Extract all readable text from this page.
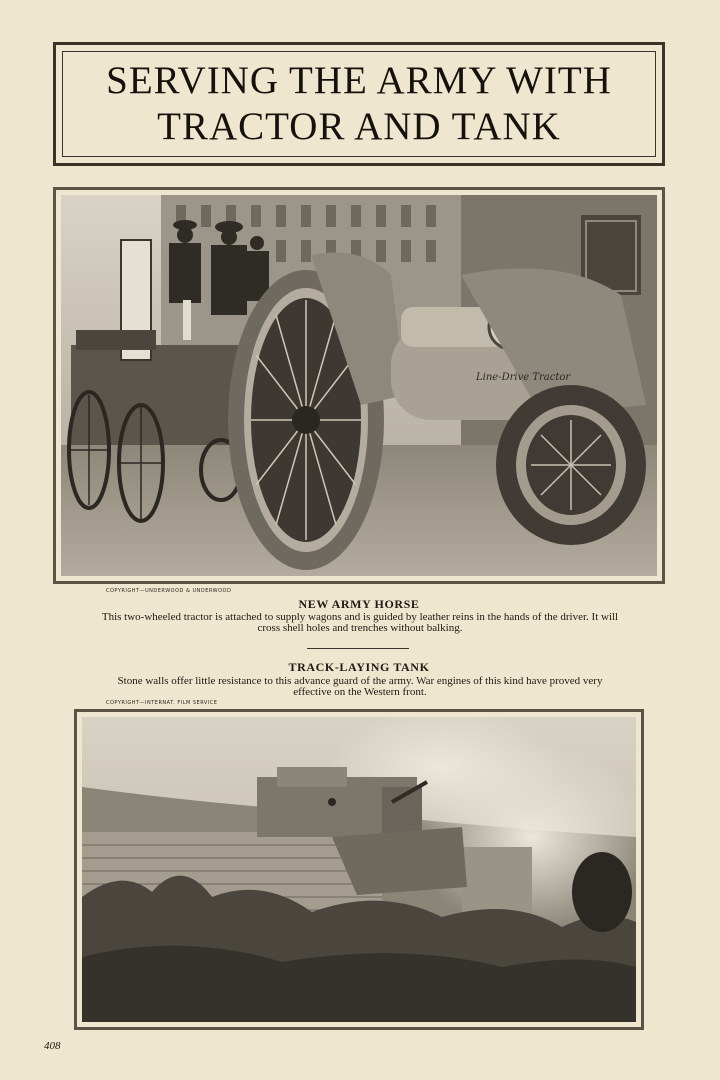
SERVING THE ARMY WITH
TRACTOR AND TANK
Line-Drive Tractor
COPYRIGHT—UNDERWOOD & UNDERWOOD
NEW ARMY HORSE
This two-wheeled tractor is attached to supply wagons and is guided by leather reins in the hands of the driver. It will cross shell holes and trenches without balking.
TRACK-LAYING TANK
Stone walls offer little resistance to this advance guard of the army. War engines of this kind have proved very effective on the Western front.
COPYRIGHT—INTERNAT. FILM SERVICE
408
